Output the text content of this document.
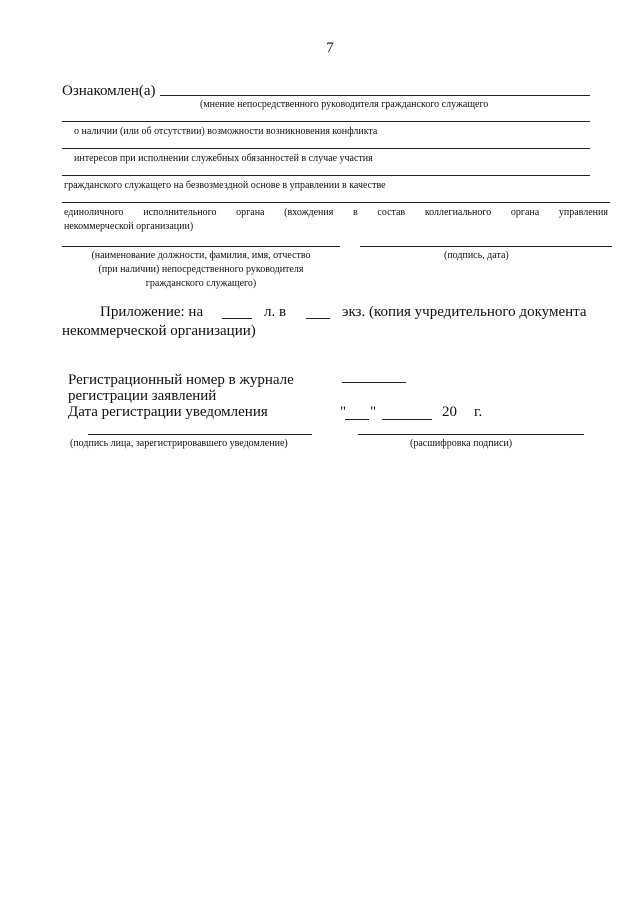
7
Ознакомлен(а)
(мнение непосредственного руководителя гражданского служащего
о наличии (или об отсутствии) возможности возникновения конфликта
интересов при исполнении служебных обязанностей в случае участия
гражданского служащего на безвозмездной основе в управлении в качестве
единоличного исполнительного органа (вхождения в состав коллегиального органа управления
некоммерческой организации)
(наименование должности, фамилия, имя, отчество
(при наличии) непосредственного руководителя
гражданского служащего)
(подпись, дата)
Приложение: на	л. в	экз. (копия учредительного документа
некоммерческой организации)
Регистрационный номер в журнале
регистрации заявлений
Дата регистрации уведомления	" "	20 г.
(подпись лица, зарегистрировавшего уведомление)	(расшифровка подписи)
